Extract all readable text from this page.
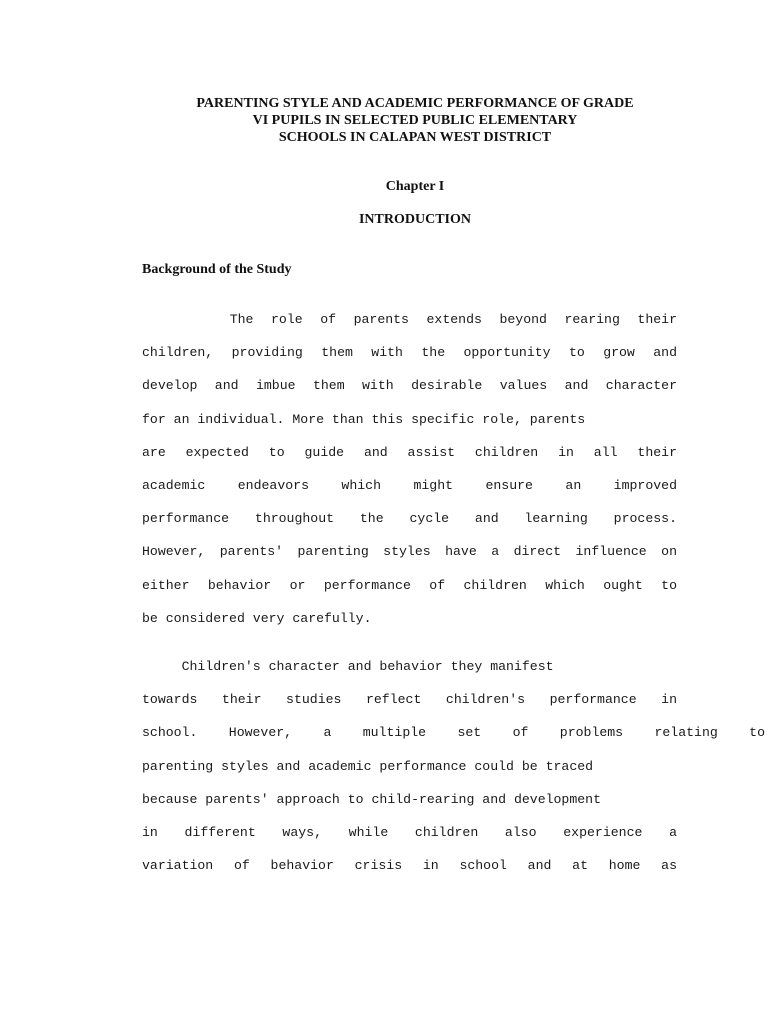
PARENTING STYLE AND ACADEMIC PERFORMANCE OF GRADE
VI PUPILS IN SELECTED PUBLIC ELEMENTARY
SCHOOLS IN CALAPAN WEST DISTRICT
Chapter I
INTRODUCTION
Background of the Study
The role of parents extends beyond rearing their
children, providing them with the opportunity to grow and
develop and imbue them with desirable values and character
for an individual. More than this specific role, parents
are expected to guide and assist children in all their
academic endeavors which might ensure an improved
performance throughout the cycle and learning process.
However, parents' parenting styles have a direct influence on
either behavior or performance of children which ought to
be considered very carefully.
Children's character and behavior they manifest
towards their studies reflect children's performance in
school. However, a multiple set of problems relating to
parenting styles and academic performance could be traced
because parents' approach to child-rearing and development
in different ways, while children also experience a
variation of behavior crisis in school and at home as
